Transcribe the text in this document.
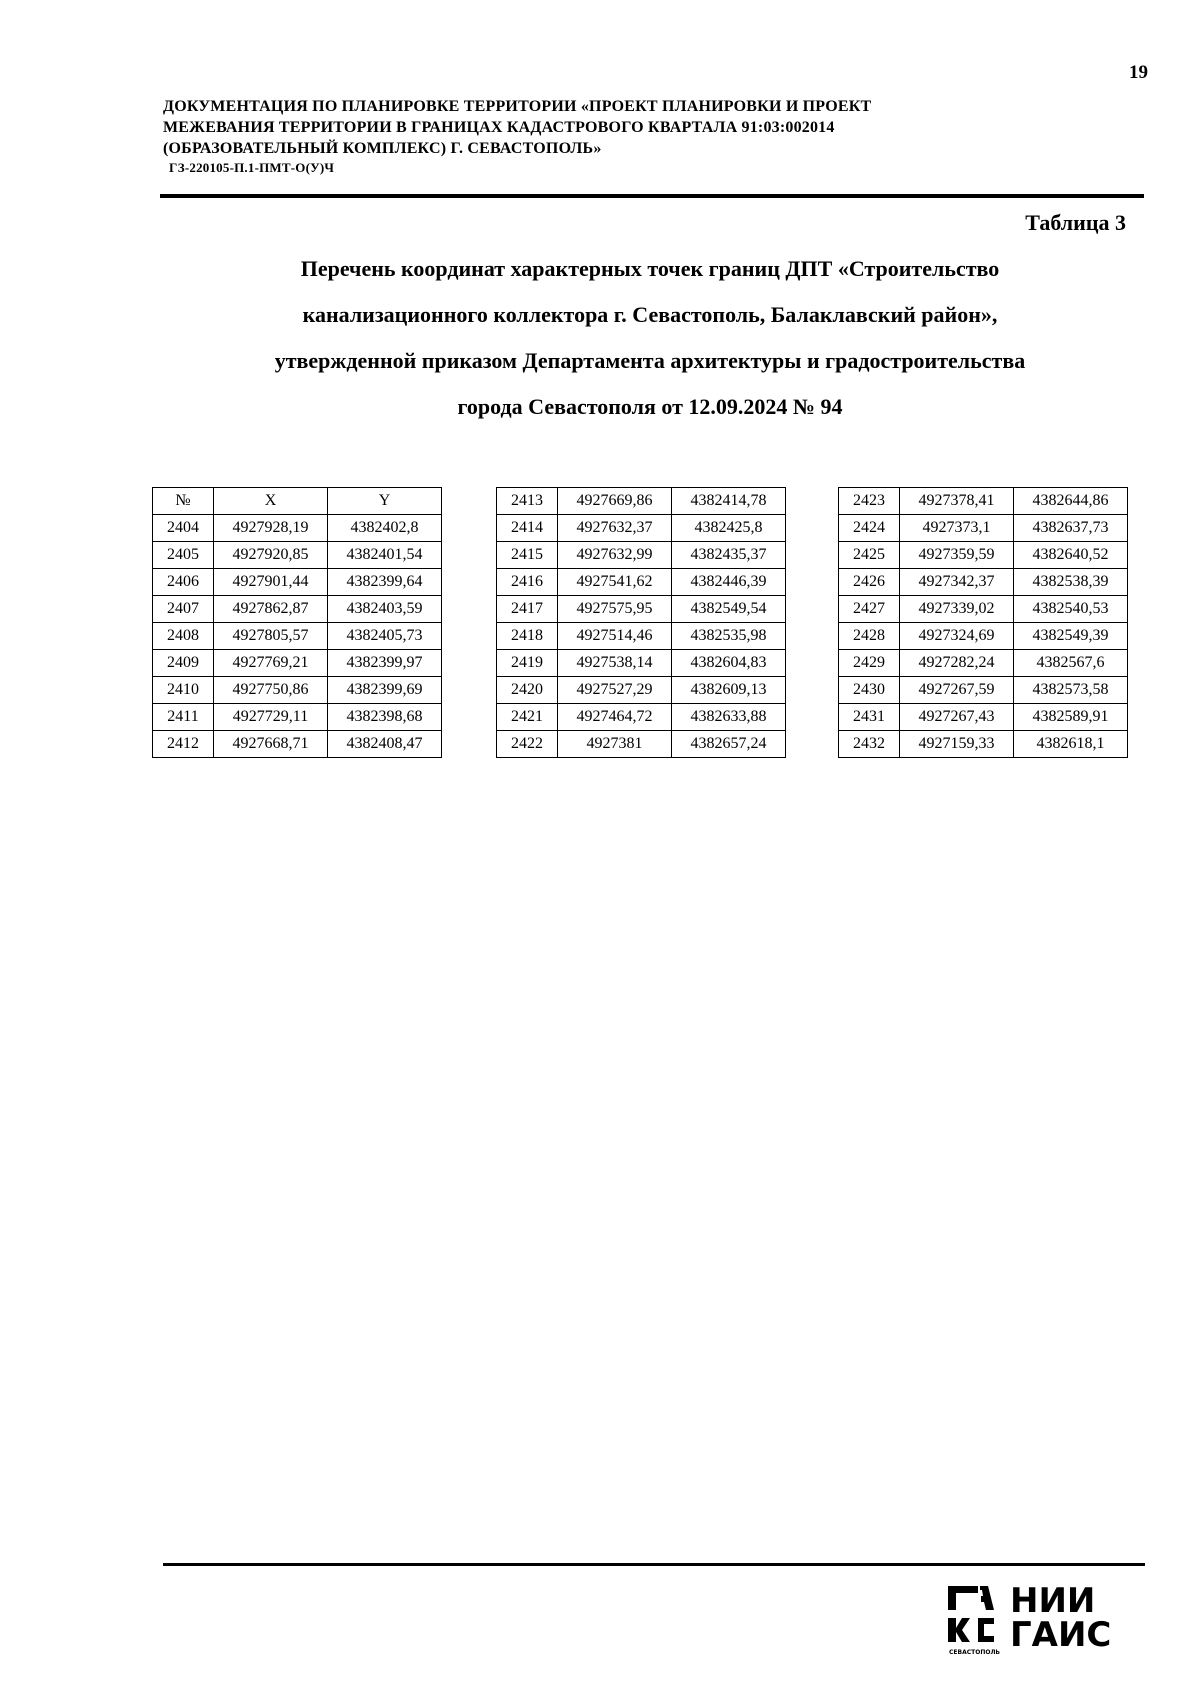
19
ДОКУМЕНТАЦИЯ ПО ПЛАНИРОВКЕ ТЕРРИТОРИИ «ПРОЕКТ ПЛАНИРОВКИ И ПРОЕКТ
МЕЖЕВАНИЯ ТЕРРИТОРИИ В ГРАНИЦАХ КАДАСТРОВОГО КВАРТАЛА 91:03:002014
(ОБРАЗОВАТЕЛЬНЫЙ КОМПЛЕКС) Г. СЕВАСТОПОЛЬ»
ГЗ-220105-П.1-ПМТ-О(У)Ч
Таблица 3
Перечень координат характерных точек границ ДПТ «Строительство
канализационного коллектора г. Севастополь, Балаклавский район»,
утвержденной приказом Департамента архитектуры и градостроительства
города Севастополя от 12.09.2024 № 94
№	X	Y
2404	4927928,19	4382402,8
2405	4927920,85	4382401,54
2406	4927901,44	4382399,64
2407	4927862,87	4382403,59
2408	4927805,57	4382405,73
2409	4927769,21	4382399,97
2410	4927750,86	4382399,69
2411	4927729,11	4382398,68
2412	4927668,71	4382408,47
2413	4927669,86	4382414,78
2414	4927632,37	4382425,8
2415	4927632,99	4382435,37
2416	4927541,62	4382446,39
2417	4927575,95	4382549,54
2418	4927514,46	4382535,98
2419	4927538,14	4382604,83
2420	4927527,29	4382609,13
2421	4927464,72	4382633,88
2422	4927381	4382657,24
2423	4927378,41	4382644,86
2424	4927373,1	4382637,73
2425	4927359,59	4382640,52
2426	4927342,37	4382538,39
2427	4927339,02	4382540,53
2428	4927324,69	4382549,39
2429	4927282,24	4382567,6
2430	4927267,59	4382573,58
2431	4927267,43	4382589,91
2432	4927159,33	4382618,1
СЕВАСТОПОЛЬ
НИИ
ГАИС
